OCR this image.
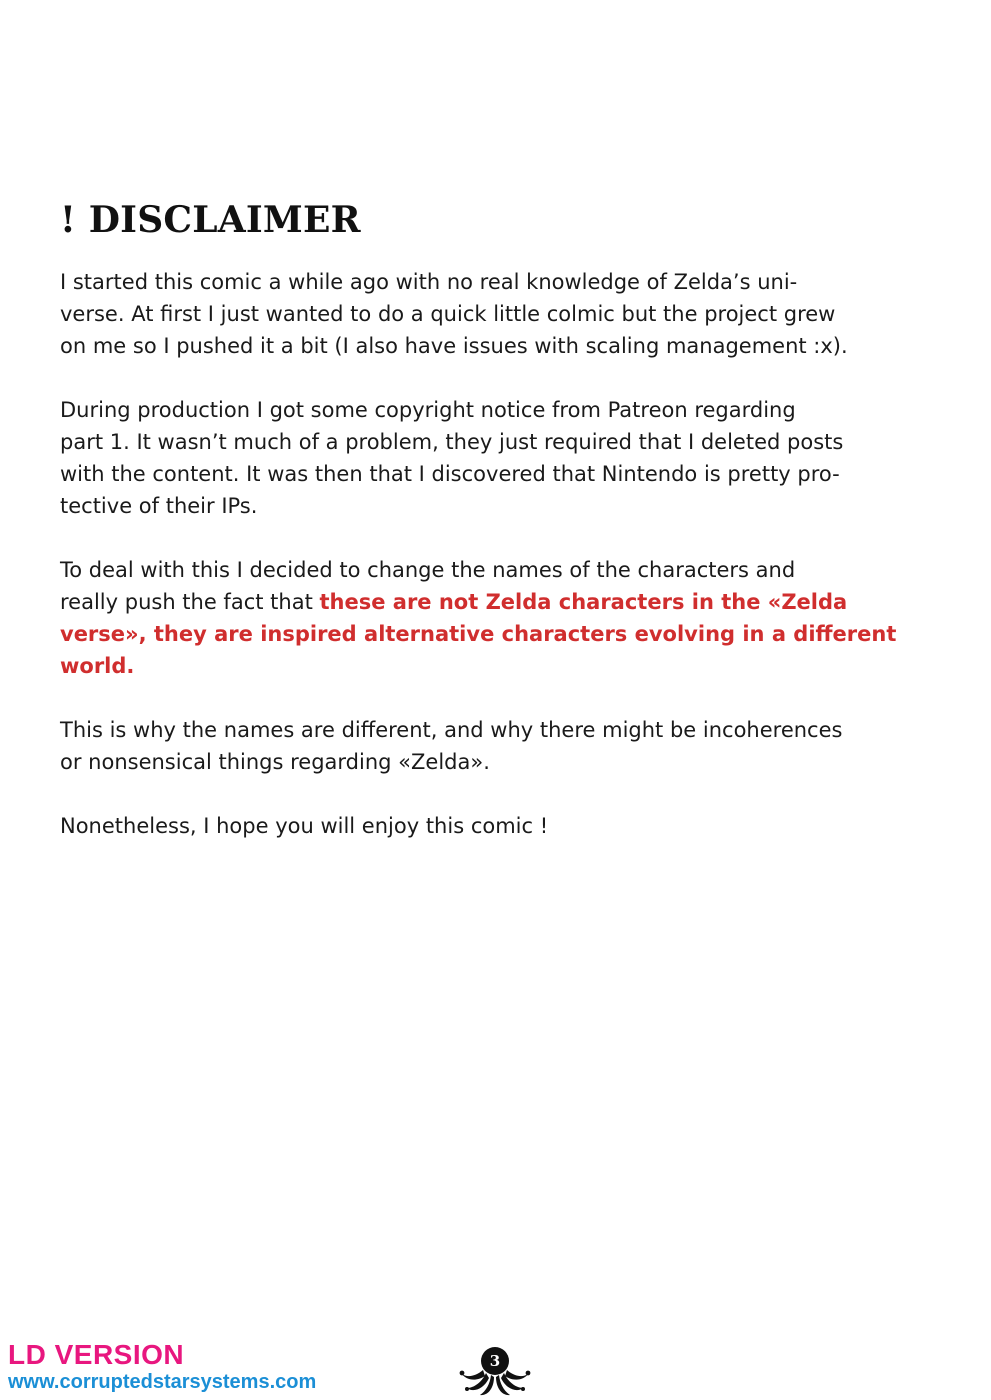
! DISCLAIMER

I started this comic a while ago with no real knowledge of Zelda’s uni-
verse. At first I just wanted to do a quick little colmic but the project grew
on me so I pushed it a bit (I also have issues with scaling management :x).

During production I got some copyright notice from Patreon regarding
part 1. It wasn’t much of a problem, they just required that I deleted posts
with the content. It was then that I discovered that Nintendo is pretty pro-
tective of their IPs.

To deal with this I decided to change the names of the characters and
really push the fact that these are not Zelda characters in the «Zelda
verse», they are inspired alternative characters evolving in a different
world.

This is why the names are different, and why there might be incoherences
or nonsensical things regarding «Zelda».

Nonetheless, I hope you will enjoy this comic !

LD VERSION
www.corruptedstarsystems.com
3
